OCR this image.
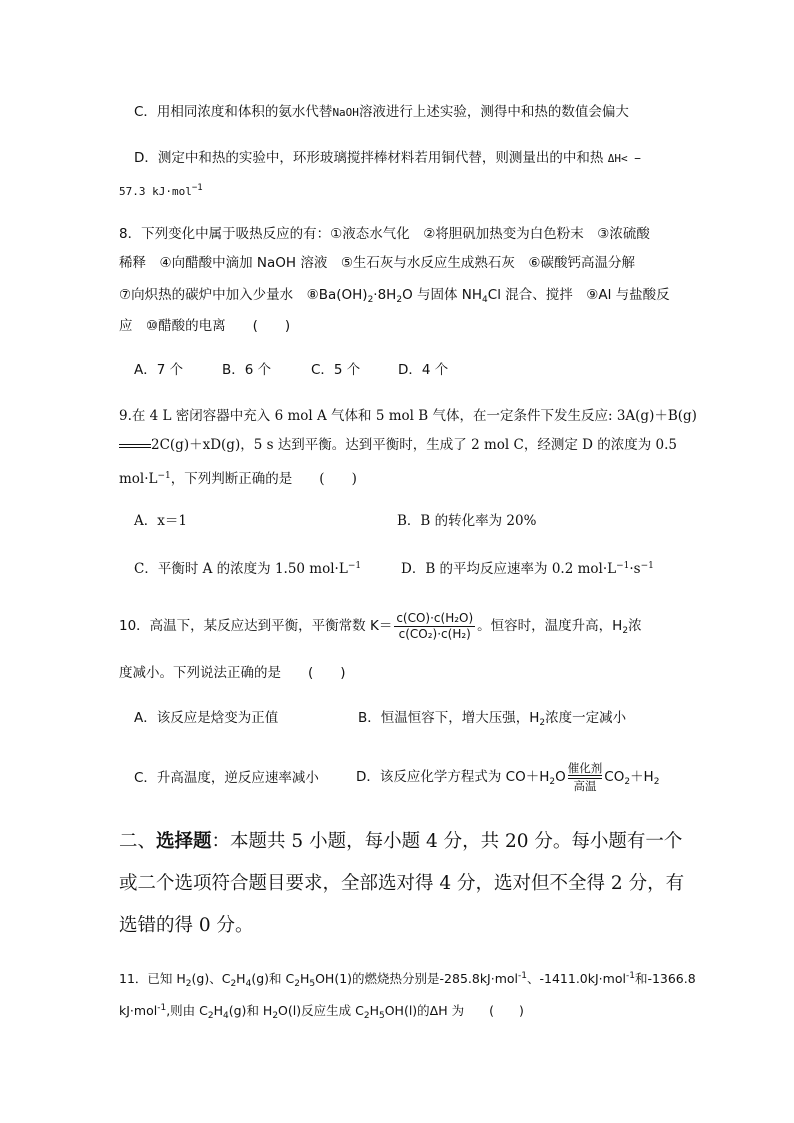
C．用相同浓度和体积的氨水代替NaOH溶液进行上述实验，测得中和热的数值会偏大
D．测定中和热的实验中，环形玻璃搅拌棒材料若用铜代替，则测量出的中和热 ΔH< −
57.3 kJ·mol$^{-1}$
8．下列变化中属于吸热反应的有：①液态水气化　②将胆矾加热变为白色粉末　③浓硫酸
稀释　④向醋酸中滴加 NaOH 溶液　⑤生石灰与水反应生成熟石灰　⑥碳酸钙高温分解
⑦向炽热的碳炉中加入少量水　$⑧Ba(OH)_2\cdot 8H_2O$ 与固体 $NH_4Cl$ 混合、搅拌　⑨Al 与盐酸反
应　⑩醋酸的电离　　(　　)
A．7 个	B．6 个	C．5 个	D．4 个
9.在 4 L 密闭容器中充入 6 mol A 气体和 5 mol B 气体，在一定条件下发生反应: 3A(g)＋B(g)
2C(g)＋xD(g)，5 s 达到平衡。达到平衡时，生成了 2 mol C，经测定 D 的浓度为 0.5
$mol\cdot L^{-1}$，下列判断正确的是　　(　　)
A．x＝1	B．B 的转化率为 20%
C．平衡时 A 的浓度为 1.50 $mol\cdot L^{-1}$	D．B 的平均反应速率为 0.2 $mol\cdot L^{-1}\cdot s^{-1}$
10．高温下，某反应达到平衡，平衡常数 $K= \frac{\text{c(CO)·c(H₂O)}}{\text{c(CO₂)·c(H₂)}}$ 。恒容时，温度升高，$H_2$浓
度减小。下列说法正确的是　　(　　)
A．该反应是焓变为正值	B．恒温恒容下，增大压强，$H_2$浓度一定减小
C．升高温度，逆反应速率减小	D．该反应化学方程式为 $CO+H_2O$
催化剂
高温
$CO_2+H_2$
二、选择题：本题共 5 小题，每小题 4 分，共 20 分。每小题有一个
或二个选项符合题目要求，全部选对得 4 分，选对但不全得 2 分，有
选错的得 0 分。
11．已知 $H_2(g)$、$C_2H_4(g)$和 $C_2H_5OH(1)$的燃烧热分别是-285.8kJ·mol$^{-1}$、-1411.0kJ·mol$^{-1}$和-1366.8
kJ·mol$^{-1}$,则由 $C_2H_4(g)$和 $H_2O(l)$反应生成 $C_2H_5OH(l)$的ΔH 为　　(　　)
